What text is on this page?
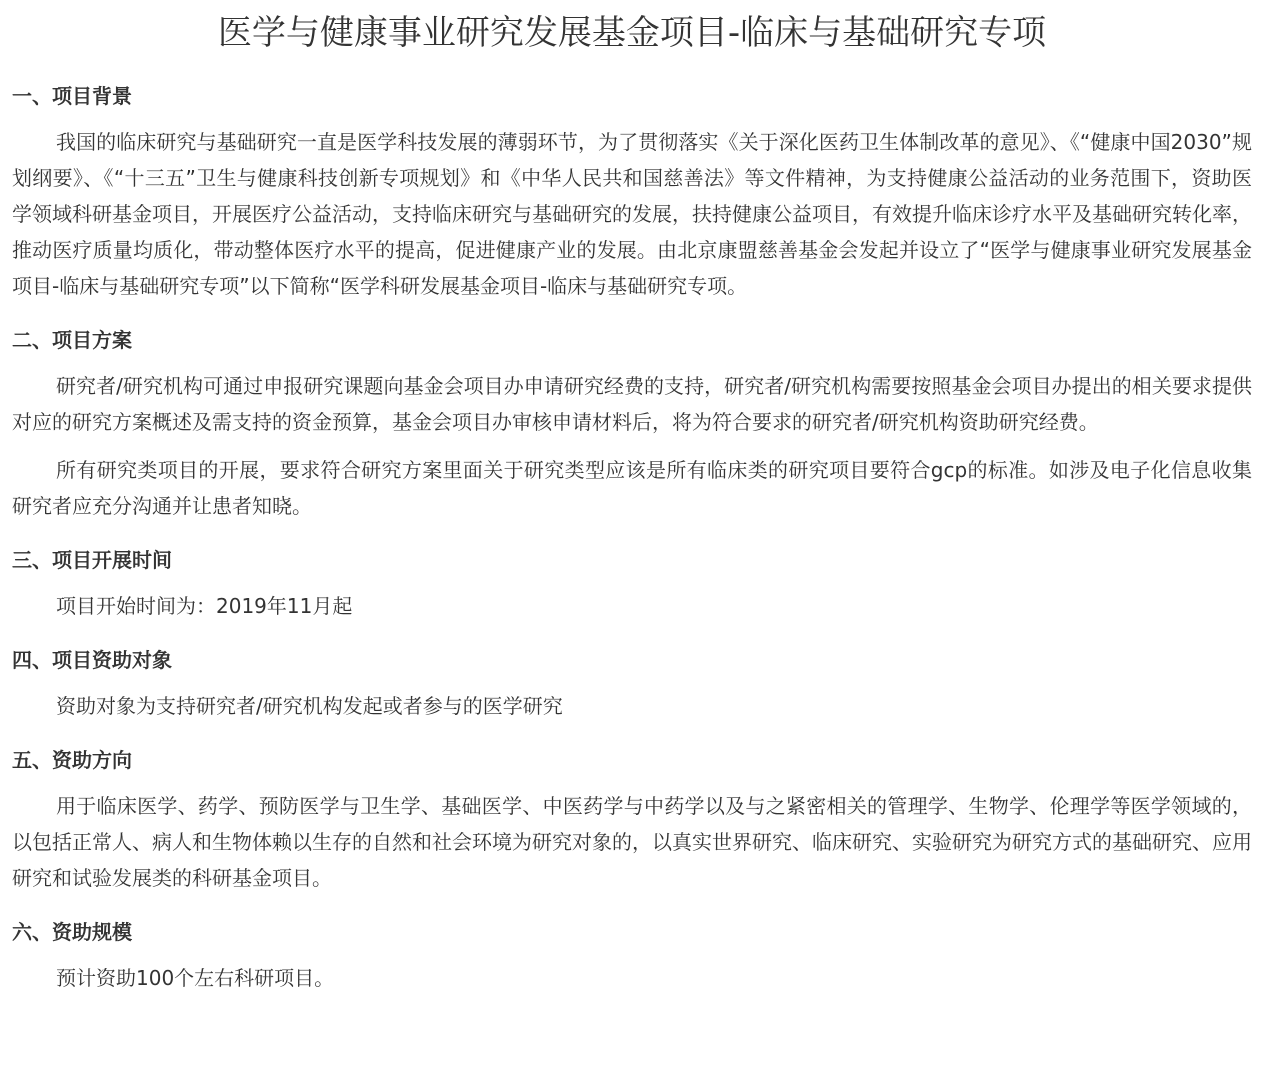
医学与健康事业研究发展基金项目-临床与基础研究专项
一、项目背景

我国的临床研究与基础研究一直是医学科技发展的薄弱环节，为了贯彻落实《关于深化医药卫生体制改革的意见》、《“健康中国2030”规划纲要》、《“十三五”卫生与健康科技创新专项规划》和《中华人民共和国慈善法》等文件精神，为支持健康公益活动的业务范围下，资助医学领域科研基金项目，开展医疗公益活动，支持临床研究与基础研究的发展，扶持健康公益项目，有效提升临床诊疗水平及基础研究转化率，推动医疗质量均质化，带动整体医疗水平的提高，促进健康产业的发展。由北京康盟慈善基金会发起并设立了“医学与健康事业研究发展基金项目-临床与基础研究专项”以下简称“医学科研发展基金项目-临床与基础研究专项。

二、项目方案

研究者/研究机构可通过申报研究课题向基金会项目办申请研究经费的支持，研究者/研究机构需要按照基金会项目办提出的相关要求提供对应的研究方案概述及需支持的资金预算，基金会项目办审核申请材料后，将为符合要求的研究者/研究机构资助研究经费。

所有研究类项目的开展，要求符合研究方案里面关于研究类型应该是所有临床类的研究项目要符合gcp的标准。如涉及电子化信息收集研究者应充分沟通并让患者知晓。

三、项目开展时间

项目开始时间为：2019年11月起

四、项目资助对象

资助对象为支持研究者/研究机构发起或者参与的医学研究

五、资助方向

用于临床医学、药学、预防医学与卫生学、基础医学、中医药学与中药学以及与之紧密相关的管理学、生物学、伦理学等医学领域的，以包括正常人、病人和生物体赖以生存的自然和社会环境为研究对象的，以真实世界研究、临床研究、实验研究为研究方式的基础研究、应用研究和试验发展类的科研基金项目。

六、资助规模

预计资助100个左右科研项目。
